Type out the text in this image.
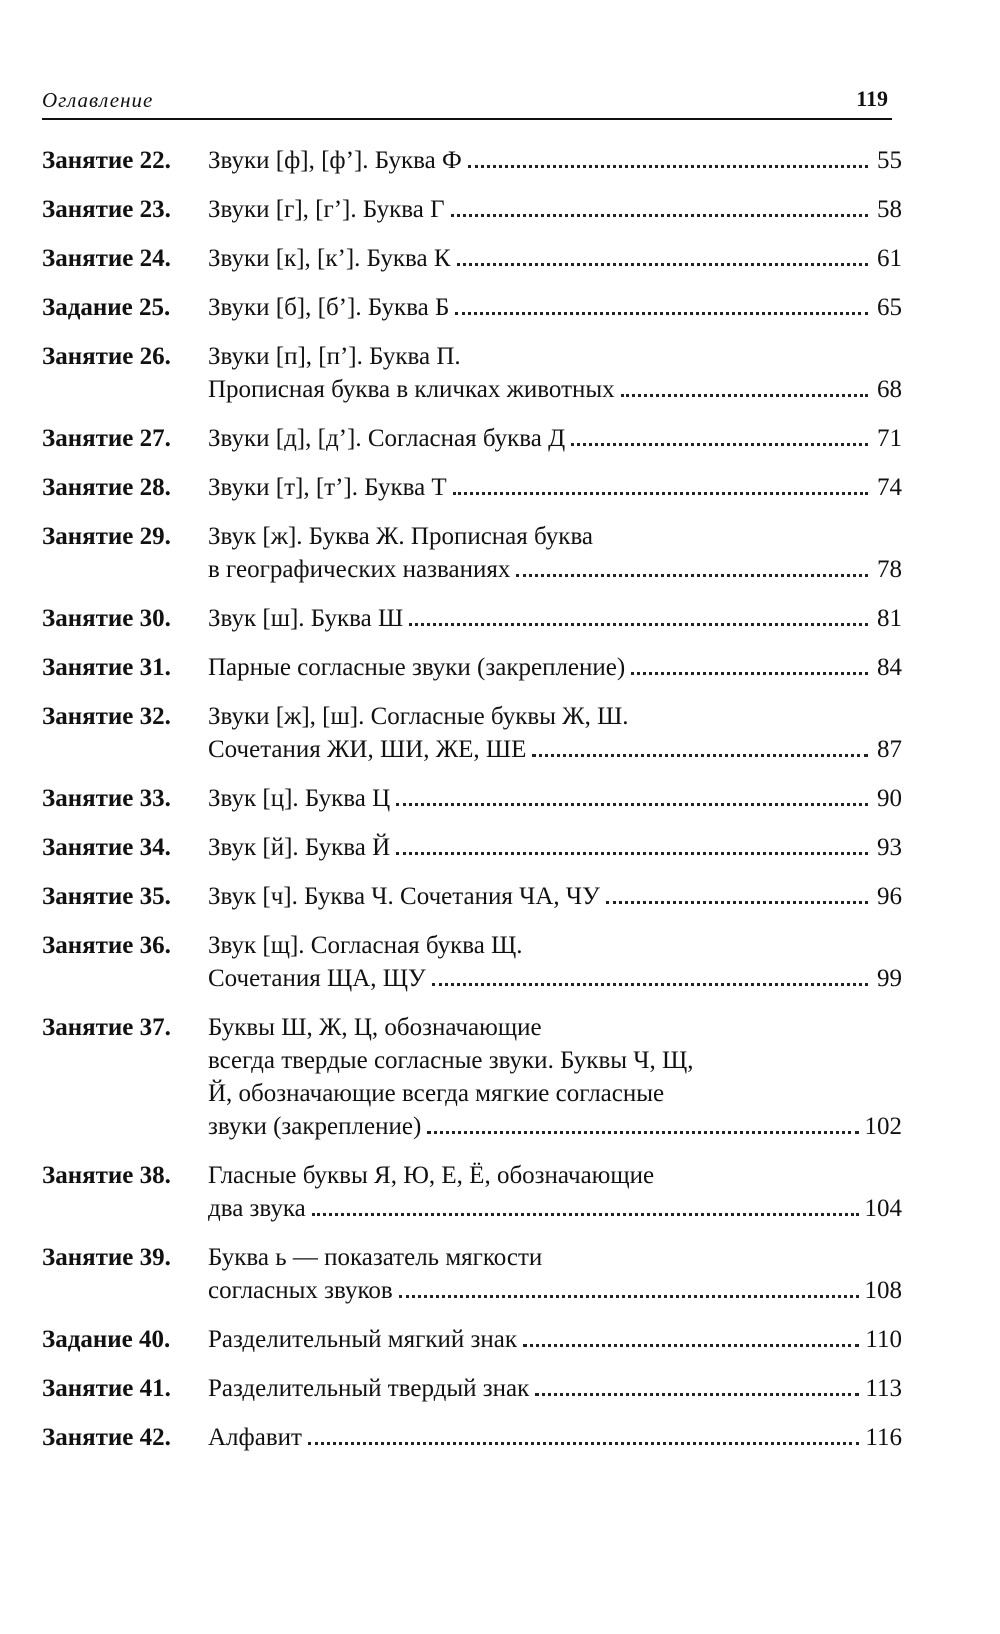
Оглавление	119
Занятие 22.	Звуки [ф], [ф’]. Буква Ф	55
Занятие 23.	Звуки [г], [г’]. Буква Г	58
Занятие 24.	Звуки [к], [к’]. Буква К	61
Задание 25.	Звуки [б], [б’]. Буква Б	65
Занятие 26.	Звуки [п], [п’]. Буква П.
Прописная буква в кличках животных	68
Занятие 27.	Звуки [д], [д’]. Согласная буква Д	71
Занятие 28.	Звуки [т], [т’]. Буква Т	74
Занятие 29.	Звук [ж]. Буква Ж. Прописная буква
в географических названиях	78
Занятие 30.	Звук [ш]. Буква Ш	81
Занятие 31.	Парные согласные звуки (закрепление)	84
Занятие 32.	Звуки [ж], [ш]. Согласные буквы Ж, Ш.
Сочетания ЖИ, ШИ, ЖЕ, ШЕ	87
Занятие 33.	Звук [ц]. Буква Ц	90
Занятие 34.	Звук [й]. Буква Й	93
Занятие 35.	Звук [ч]. Буква Ч. Сочетания ЧА, ЧУ	96
Занятие 36.	Звук [щ]. Согласная буква Щ.
Сочетания ЩА, ЩУ	99
Занятие 37.	Буквы Ш, Ж, Ц, обозначающие
всегда твердые согласные звуки. Буквы Ч, Щ,
Й, обозначающие всегда мягкие согласные
звуки (закрепление)	102
Занятие 38.	Гласные буквы Я, Ю, Е, Ё, обозначающие
два звука	104
Занятие 39.	Буква ь — показатель мягкости
согласных звуков	108
Задание 40.	Разделительный мягкий знак	110
Занятие 41.	Разделительный твердый знак	113
Занятие 42.	Алфавит	116
